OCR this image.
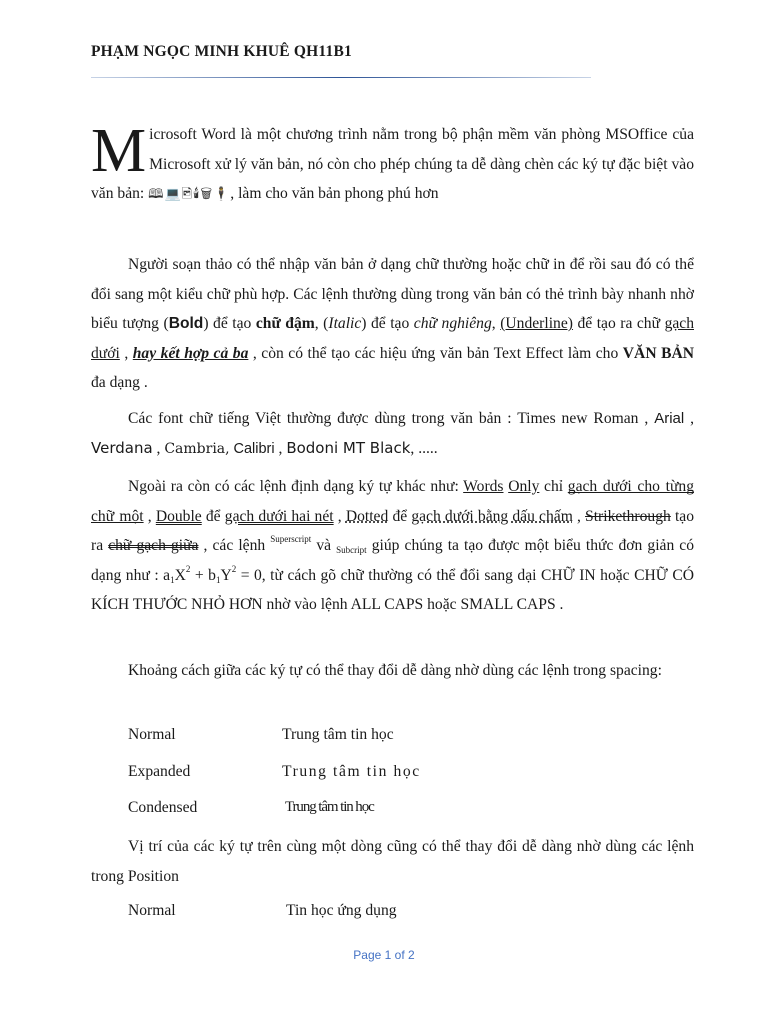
PHẠM NGỌC MINH KHUÊ QH11B1
Microsoft Word là một chương trình nằm trong bộ phận mềm văn phòng MSOffice của Microsoft xử lý văn bản, nó còn cho phép chúng ta dễ dàng chèn các ký tự đặc biệt vào văn bản: 🕮💻🖻🕯🗑🕴, làm cho văn bản phong phú hơn
Người soạn thảo có thể nhập văn bản ở dạng chữ thường hoặc chữ in để rồi sau đó có thể đổi sang một kiểu chữ phù hợp. Các lệnh thường dùng trong văn bản có thẻ trình bày nhanh nhờ biểu tượng (Bold) để tạo chữ đậm, (Italic) để tạo chữ nghiêng, (Underline) để tạo ra chữ gạch dưới , hay kết hợp cả ba , còn có thể tạo các hiệu ứng văn bản Text Effect làm cho VĂN BẢN đa dạng .
Các font chữ tiếng Việt thường được dùng trong văn bản : Times new Roman , Arial , Verdana , Cambria, Calibri , Bodoni MT Black, .....
Ngoài ra còn có các lệnh định dạng ký tự khác như: Words Only chỉ gạch dưới cho từng chữ một , Double để gạch dưới hai nét , Dotted để gạch dưới bằng dấu chấm , Strikethrough tạo ra chữ gạch giữa , các lệnh $^{Superscript}$ và $_{Subcript}$ giúp chúng ta tạo được một biểu thức đơn giản có dạng như : $a_1X^2 + b_1Y^2 = 0$, từ cách gõ chữ thường có thể đổi sang dại CHỮ IN hoặc CHỮ CÓ KÍCH THƯỚC NHỎ HƠN nhờ vào lệnh ALL CAPS hoặc SMALL CAPS .
Khoảng cách giữa các ký tự có thể thay đổi dễ dàng nhờ dùng các lệnh trong spacing:
Normal	Trung tâm tin học
Expanded	Trung tâm tin học
Condensed	Trung tâm tin học
Vị trí của các ký tự trên cùng một dòng cũng có thể thay đổi dễ dàng nhờ dùng các lệnh trong Position
Normal	Tin học ứng dụng
Page 1 of 2
